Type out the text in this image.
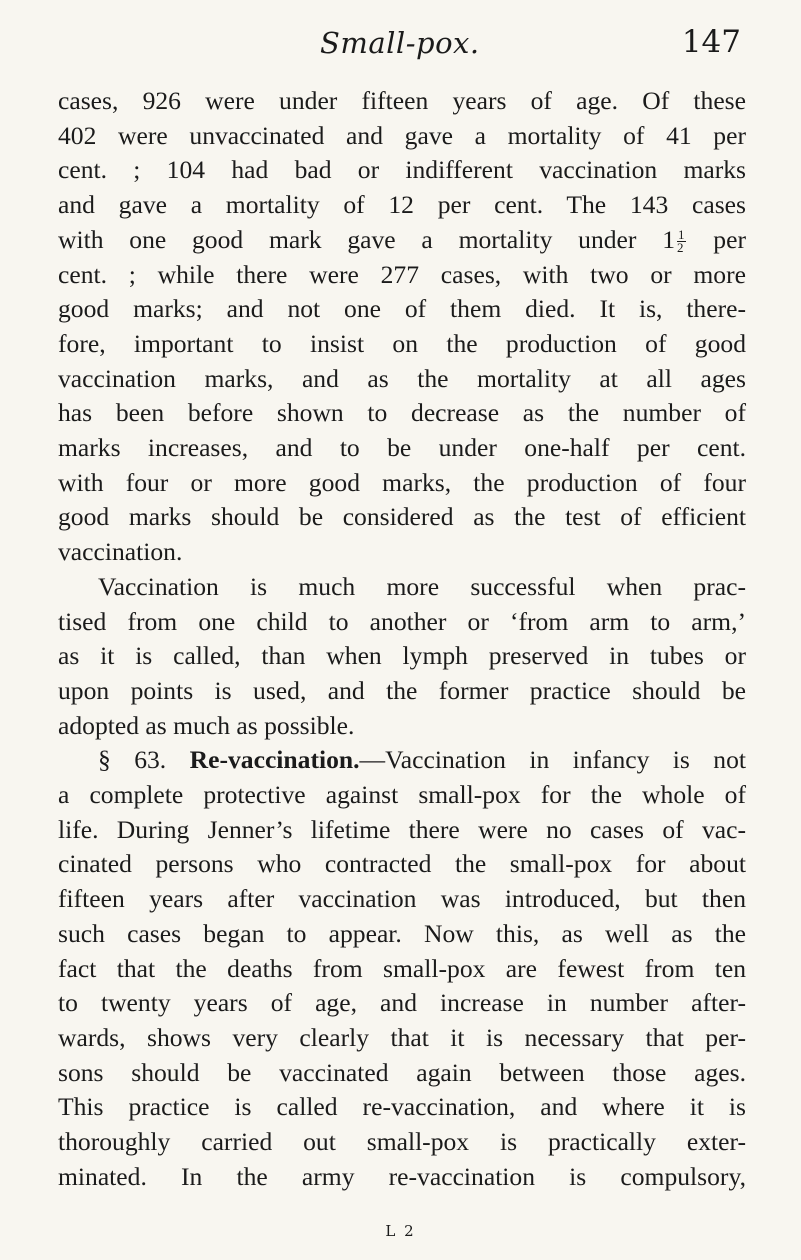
Small-pox.	147
cases, 926 were under fifteen years of age. Of these
402 were unvaccinated and gave a mortality of 41 per
cent. ; 104 had bad or indifferent vaccination marks
and gave a mortality of 12 per cent. The 143 cases
with one good mark gave a mortality under $1 \frac{1}{2}$ per
cent. ; while there were 277 cases, with two or more
good marks; and not one of them died. It is, there-
fore, important to insist on the production of good
vaccination marks, and as the mortality at all ages
has been before shown to decrease as the number of
marks increases, and to be under one-half per cent.
with four or more good marks, the production of four
good marks should be considered as the test of efficient
vaccination.
Vaccination is much more successful when prac-
tised from one child to another or ‘from arm to arm,’
as it is called, than when lymph preserved in tubes or
upon points is used, and the former practice should be
adopted as much as possible.
§ 63. Re-vaccination.—Vaccination in infancy is not
a complete protective against small-pox for the whole of
life. During Jenner’s lifetime there were no cases of vac-
cinated persons who contracted the small-pox for about
fifteen years after vaccination was introduced, but then
such cases began to appear. Now this, as well as the
fact that the deaths from small-pox are fewest from ten
to twenty years of age, and increase in number after-
wards, shows very clearly that it is necessary that per-
sons should be vaccinated again between those ages.
This practice is called re-vaccination, and where it is
thoroughly carried out small-pox is practically exter-
minated. In the army re-vaccination is compulsory,
L 2
